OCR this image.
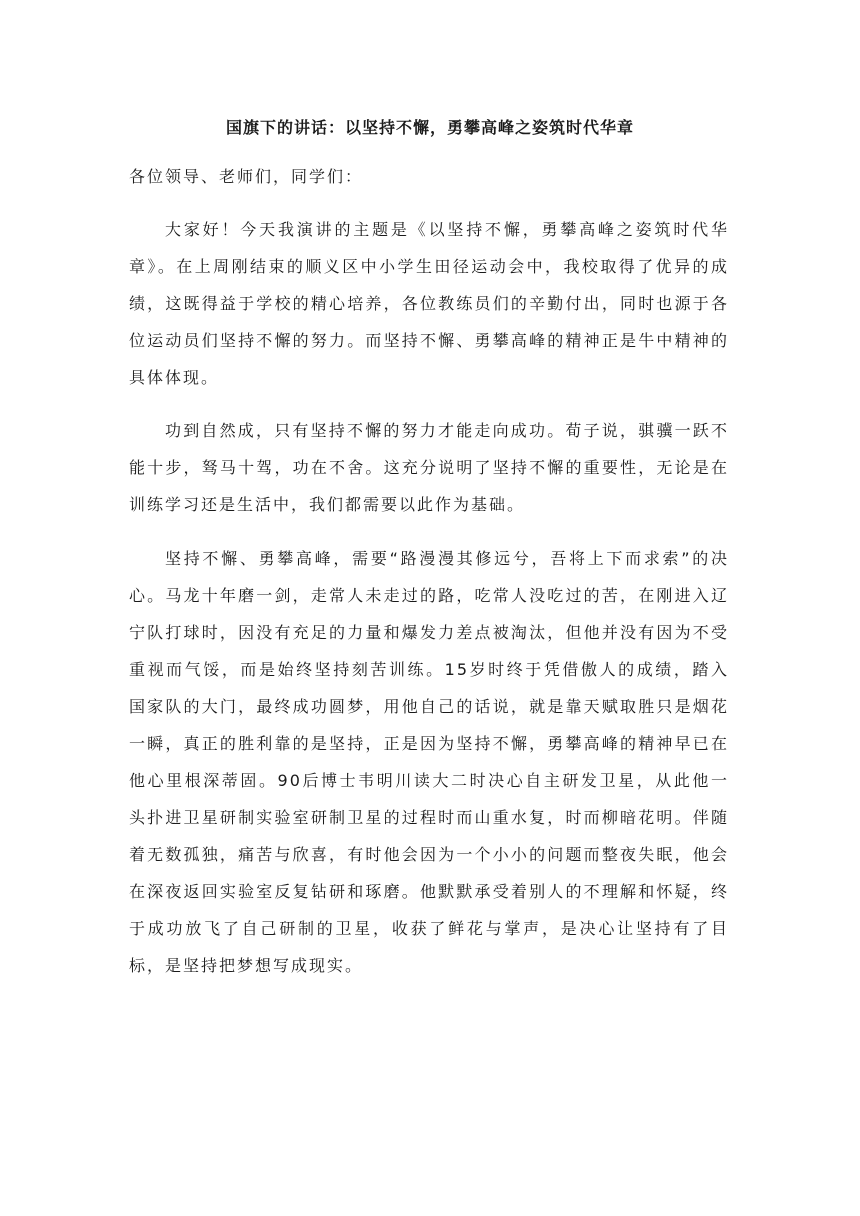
国旗下的讲话：以坚持不懈，勇攀高峰之姿筑时代华章

各位领导、老师们，同学们：

大家好！今天我演讲的主题是《以坚持不懈，勇攀高峰之姿筑时代华章》。在上周刚结束的顺义区中小学生田径运动会中，我校取得了优异的成绩，这既得益于学校的精心培养，各位教练员们的辛勤付出，同时也源于各位运动员们坚持不懈的努力。而坚持不懈、勇攀高峰的精神正是牛中精神的具体体现。

功到自然成，只有坚持不懈的努力才能走向成功。荀子说，骐骥一跃不能十步，驽马十驾，功在不舍。这充分说明了坚持不懈的重要性，无论是在训练学习还是生活中，我们都需要以此作为基础。

坚持不懈、勇攀高峰，需要“路漫漫其修远兮，吾将上下而求索”的决心。马龙十年磨一剑，走常人未走过的路，吃常人没吃过的苦，在刚进入辽宁队打球时，因没有充足的力量和爆发力差点被淘汰，但他并没有因为不受重视而气馁，而是始终坚持刻苦训练。15岁时终于凭借傲人的成绩，踏入国家队的大门，最终成功圆梦，用他自己的话说，就是靠天赋取胜只是烟花一瞬，真正的胜利靠的是坚持，正是因为坚持不懈，勇攀高峰的精神早已在他心里根深蒂固。90后博士韦明川读大二时决心自主研发卫星，从此他一头扑进卫星研制实验室研制卫星的过程时而山重水复，时而柳暗花明。伴随着无数孤独，痛苦与欣喜，有时他会因为一个小小的问题而整夜失眠，他会在深夜返回实验室反复钻研和琢磨。他默默承受着别人的不理解和怀疑，终于成功放飞了自己研制的卫星，收获了鲜花与掌声，是决心让坚持有了目标，是坚持把梦想写成现实。
